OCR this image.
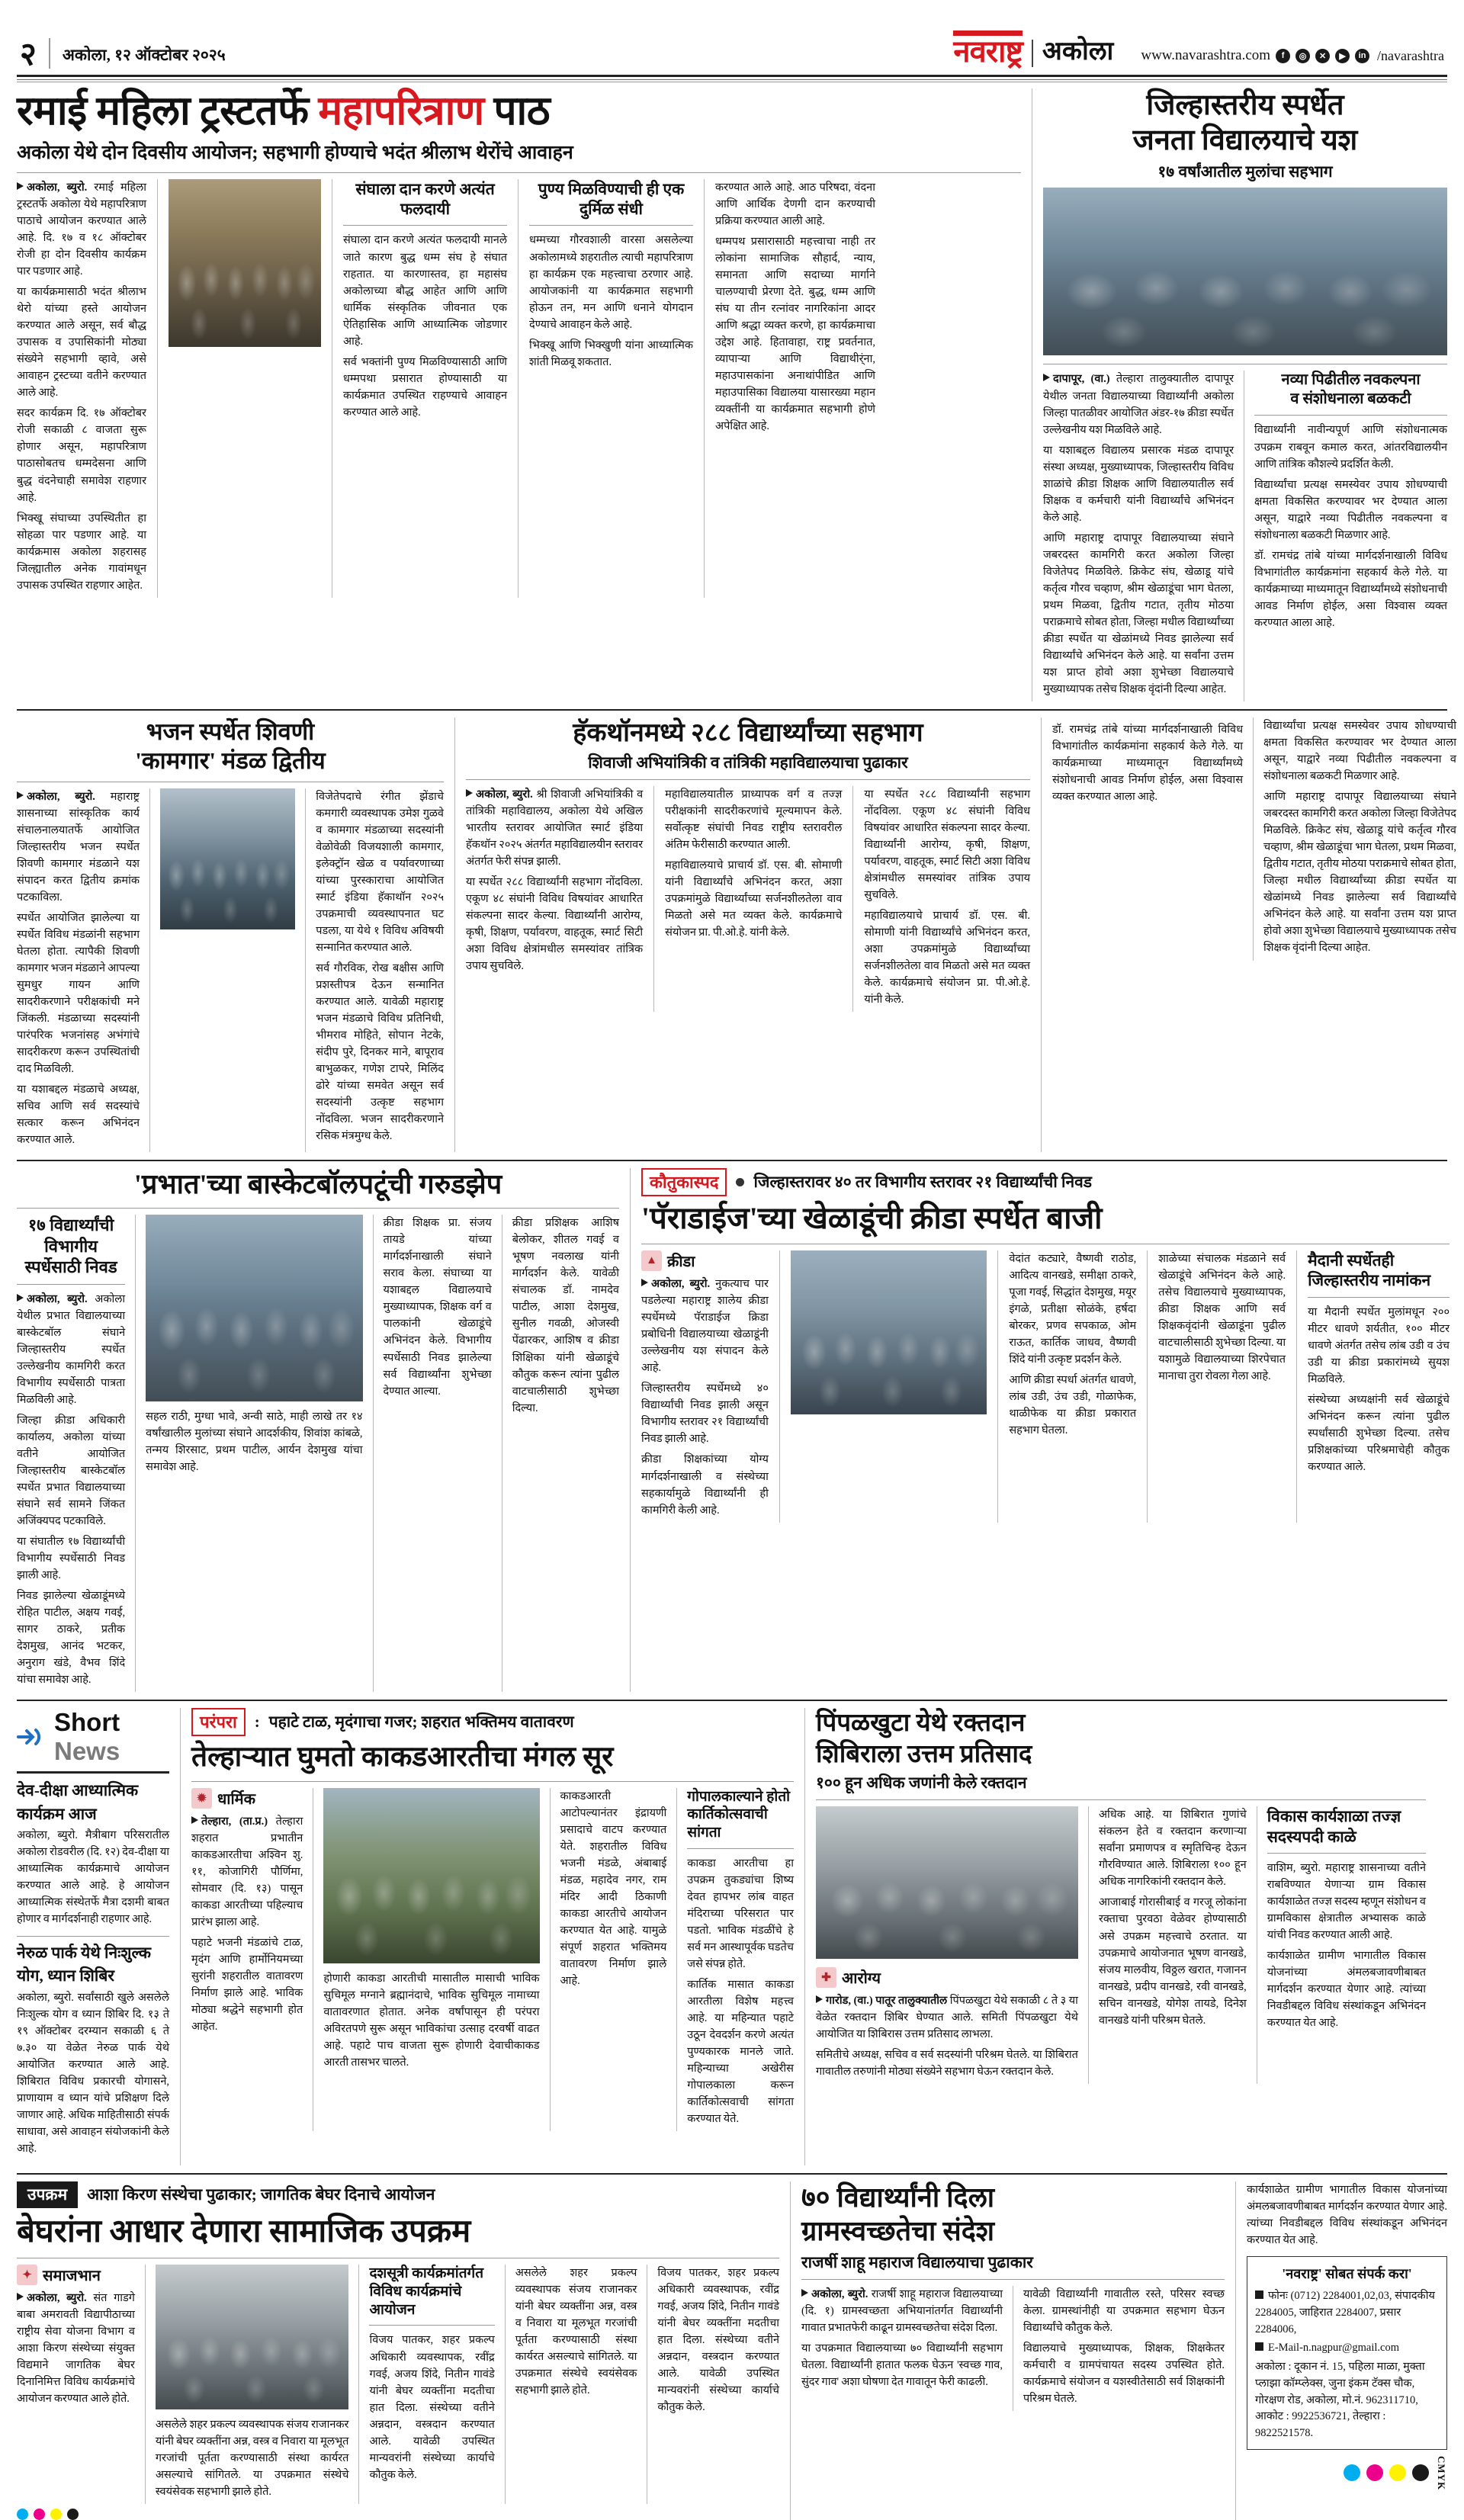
२	अकोला, १२ ऑक्टोबर २०२५	नवराष्ट्र अकोला www.navarashtra.com	f	◎	✕	▶	in /navarashtra
रमाई महिला ट्रस्टतर्फे महापरित्राण पाठ
अकोला येथे दोन दिवसीय आयोजन; सहभागी होण्याचे भदंत श्रीलाभ थेरोंचे आवाहन

अकोला, ब्युरो. रमाई महिला ट्रस्टतर्फे अकोला येथे महापरित्राण पाठाचे आयोजन करण्यात आले आहे. दि. १७ व १८ ऑक्टोबर रोजी हा दोन दिवसीय कार्यक्रम पार पडणार आहे.

या कार्यक्रमासाठी भदंत श्रीलाभ थेरो यांच्या हस्ते आयोजन करण्यात आले असून, सर्व बौद्ध उपासक व उपासिकांनी मोठ्या संख्येने सहभागी व्हावे, असे आवाहन ट्रस्टच्या वतीने करण्यात आले आहे.

सदर कार्यक्रम दि. १७ ऑक्टोबर रोजी सकाळी ८ वाजता सुरू होणार असून, महापरित्राण पाठासोबतच धम्मदेसना आणि बुद्ध वंदनेचाही समावेश राहणार आहे.

भिक्खू संघाच्या उपस्थितीत हा सोहळा पार पडणार आहे. या कार्यक्रमास अकोला शहरासह जिल्ह्यातील अनेक गावांमधून उपासक उपस्थित राहणार आहेत.

संघाला दान करणे अत्यंत फलदायी

संघाला दान करणे अत्यंत फलदायी मानले जाते कारण बुद्ध धम्म संघ हे संघात राहतात. या कारणास्तव, हा महासंघ अकोलाच्या बौद्ध आहेत आणि आणि धार्मिक संस्कृतिक जीवनात एक ऐतिहासिक आणि आध्यात्मिक जोडणार आहे.

सर्व भक्तांनी पुण्य मिळविण्यासाठी आणि धम्मपथा प्रसारात होण्यासाठी या कार्यक्रमात उपस्थित राहण्याचे आवाहन करण्यात आले आहे.

पुण्य मिळविण्याची ही एक दुर्मिळ संधी

धम्मच्या गौरवशाली वारसा असलेल्या अकोलामध्ये शहरातील त्याची महापरित्राण हा कार्यक्रम एक महत्त्वाचा ठरणार आहे. आयोजकांनी या कार्यक्रमात सहभागी होऊन तन, मन आणि धनाने योगदान देण्याचे आवाहन केले आहे.

भिक्खू आणि भिक्खुणी यांना आध्यात्मिक शांती मिळवू शकतात.

करण्यात आले आहे. आठ परिषदा, वंदना आणि आर्थिक देणगी दान करण्याची प्रक्रिया करण्यात आली आहे.

धम्मपथ प्रसारासाठी महत्त्वाचा नाही तर लोकांना सामाजिक सौहार्द, न्याय, समानता आणि सदाच्या मार्गाने चालण्याची प्रेरणा देते. बुद्ध, धम्म आणि संघ या तीन रत्नांवर नागरिकांना आदर आणि श्रद्धा व्यक्त करणे, हा कार्यक्रमाचा उद्देश आहे. हितावाहा, राष्ट्र प्रवर्तनात, व्यापाऱ्या आणि विद्याथीर्ंना, महाउपासकांना अनाथांपीडित आणि महाउपासिका विद्यालया यासारख्या महान व्यक्तींनी या कार्यक्रमात सहभागी होणे अपेक्षित आहे.

जिल्हास्तरीय स्पर्धेत
जनता विद्यालयाचे यश
१७ वर्षांआतील मुलांचा सहभाग

दापापूर, (वा.) तेल्हारा तालुक्यातील दापापूर येथील जनता विद्यालयाच्या विद्यार्थ्यांनी अकोला जिल्हा पातळीवर आयोजित अंडर-१७ क्रीडा स्पर्धेत उल्लेखनीय यश मिळविले आहे.

या यशाबद्दल विद्यालय प्रसारक मंडळ दापापूर संस्था अध्यक्ष, मुख्याध्यापक, जिल्हास्तरीय विविध शाळांचे क्रीडा शिक्षक आणि विद्यालयातील सर्व शिक्षक व कर्मचारी यांनी विद्यार्थ्यांचे अभिनंदन केले आहे.

आणि महाराष्ट्र दापापूर विद्यालयाच्या संघाने जबरदस्त कामगिरी करत अकोला जिल्हा विजेतेपद मिळविले. क्रिकेट संघ, खेळाडू यांचे कर्तृत्व गौरव चव्हाण, श्रीम खेळाडूंचा भाग घेतला, प्रथम मिळवा, द्वितीय गटात, तृतीय मोठया पराक्रमाचे सोबत होता, जिल्हा मधील विद्यार्थ्यांच्या क्रीडा स्पर्धेत या खेळांमध्ये निवड झालेल्या सर्व विद्यार्थ्यांचे अभिनंदन केले आहे. या सर्वांना उत्तम यश प्राप्त होवो अशा शुभेच्छा विद्यालयाचे मुख्याध्यापक तसेच शिक्षक वृंदांनी दिल्या आहेत.

नव्या पिढीतील नवकल्पना
व संशोधनाला बळकटी

विद्यार्थ्यांनी नावीन्यपूर्ण आणि संशोधनात्मक उपक्रम राबवून कमाल करत, आंतरविद्यालयीन आणि तांत्रिक कौशल्ये प्रदर्शित केली.

विद्यार्थ्यांचा प्रत्यक्ष समस्येवर उपाय शोधण्याची क्षमता विकसित करण्यावर भर देण्यात आला असून, याद्वारे नव्या पिढीतील नवकल्पना व संशोधनाला बळकटी मिळणार आहे.

डॉ. रामचंद्र तांबे यांच्या मार्गदर्शनाखाली विविध विभागांतील कार्यक्रमांना सहकार्य केले गेले. या कार्यक्रमाच्या माध्यमातून विद्यार्थ्यांमध्ये संशोधनाची आवड निर्माण होईल, असा विश्वास व्यक्त करण्यात आला आहे.

भजन स्पर्धेत शिवणी
'कामगार' मंडळ द्वितीय

अकोला, ब्युरो. महाराष्ट्र शासनाच्या सांस्कृतिक कार्य संचालनालयातर्फे आयोजित जिल्हास्तरीय भजन स्पर्धेत शिवणी कामगार मंडळाने यश संपादन करत द्वितीय क्रमांक पटकाविला.

स्पर्धेत आयोजित झालेल्या या स्पर्धेत विविध मंडळांनी सहभाग घेतला होता. त्यापैकी शिवणी कामगार भजन मंडळाने आपल्या सुमधुर गायन आणि सादरीकरणाने परीक्षकांची मने जिंकली. मंडळाच्या सदस्यांनी पारंपरिक भजनांसह अभंगांचे सादरीकरण करून उपस्थितांची दाद मिळविली.

या यशाबद्दल मंडळाचे अध्यक्ष, सचिव आणि सर्व सदस्यांचे सत्कार करून अभिनंदन करण्यात आले.

विजेतेपदाचे रंगीत झेंडाचे कमगारी व्यवस्थापक उमेश गुळवे व कामगार मंडळाच्या सदस्यांनी वेळोवेळी विजयशाली कामगार, इलेक्ट्रॉन खेळ व पर्यावरणाच्या यांच्या पुरस्काराचा आयोजित स्मार्ट इंडिया हॅकाथॉन २०२५ उपक्रमाची व्यवस्थापनात घट पडला, या येथे १ विविध अविषयी सन्मानित करण्यात आले.

सर्व गौरविक, रोख बक्षीस आणि प्रशस्तीपत्र देऊन सन्मानित करण्यात आले. यावेळी महाराष्ट्र भजन मंडळाचे विविध प्रतिनिधी, भीमराव मोहिते, सोपान नेटके, संदीप पुरे, दिनकर माने, बापूराव बाभुळकर, गणेश टापरे, मिलिंद ढोरे यांच्या समवेत असून सर्व सदस्यांनी उत्कृष्ट सहभाग नोंदविला. भजन सादरीकरणाने रसिक मंत्रमुग्ध केले.

हॅकथॉनमध्ये २८८ विद्यार्थ्यांच्या सहभाग
शिवाजी अभियांत्रिकी व तांत्रिकी महाविद्यालयाचा पुढाकार

अकोला, ब्युरो. श्री शिवाजी अभियांत्रिकी व तांत्रिकी महाविद्यालय, अकोला येथे अखिल भारतीय स्तरावर आयोजित स्मार्ट इंडिया हॅकथॉन २०२५ अंतर्गत महाविद्यालयीन स्तरावर अंतर्गत फेरी संपन्न झाली.

या स्पर्धेत २८८ विद्यार्थ्यांनी सहभाग नोंदविला. एकूण ४८ संघांनी विविध विषयांवर आधारित संकल्पना सादर केल्या. विद्यार्थ्यांनी आरोग्य, कृषी, शिक्षण, पर्यावरण, वाहतूक, स्मार्ट सिटी अशा विविध क्षेत्रांमधील समस्यांवर तांत्रिक उपाय सुचविले.

महाविद्यालयातील प्राध्यापक वर्ग व तज्ज्ञ परीक्षकांनी सादरीकरणांचे मूल्यमापन केले. सर्वोत्कृष्ट संघांची निवड राष्ट्रीय स्तरावरील अंतिम फेरीसाठी करण्यात आली.

महाविद्यालयाचे प्राचार्य डॉ. एस. बी. सोमाणी यांनी विद्यार्थ्यांचे अभिनंदन करत, अशा उपक्रमांमुळे विद्यार्थ्यांच्या सर्जनशीलतेला वाव मिळतो असे मत व्यक्त केले. कार्यक्रमाचे संयोजन प्रा. पी.ओ.हे. यांनी केले.

या स्पर्धेत २८८ विद्यार्थ्यांनी सहभाग नोंदविला. एकूण ४८ संघांनी विविध विषयांवर आधारित संकल्पना सादर केल्या. विद्यार्थ्यांनी आरोग्य, कृषी, शिक्षण, पर्यावरण, वाहतूक, स्मार्ट सिटी अशा विविध क्षेत्रांमधील समस्यांवर तांत्रिक उपाय सुचविले.

महाविद्यालयाचे प्राचार्य डॉ. एस. बी. सोमाणी यांनी विद्यार्थ्यांचे अभिनंदन करत, अशा उपक्रमांमुळे विद्यार्थ्यांच्या सर्जनशीलतेला वाव मिळतो असे मत व्यक्त केले. कार्यक्रमाचे संयोजन प्रा. पी.ओ.हे. यांनी केले.

डॉ. रामचंद्र तांबे यांच्या मार्गदर्शनाखाली विविध विभागांतील कार्यक्रमांना सहकार्य केले गेले. या कार्यक्रमाच्या माध्यमातून विद्यार्थ्यांमध्ये संशोधनाची आवड निर्माण होईल, असा विश्वास व्यक्त करण्यात आला आहे.

विद्यार्थ्यांचा प्रत्यक्ष समस्येवर उपाय शोधण्याची क्षमता विकसित करण्यावर भर देण्यात आला असून, याद्वारे नव्या पिढीतील नवकल्पना व संशोधनाला बळकटी मिळणार आहे.

आणि महाराष्ट्र दापापूर विद्यालयाच्या संघाने जबरदस्त कामगिरी करत अकोला जिल्हा विजेतेपद मिळविले. क्रिकेट संघ, खेळाडू यांचे कर्तृत्व गौरव चव्हाण, श्रीम खेळाडूंचा भाग घेतला, प्रथम मिळवा, द्वितीय गटात, तृतीय मोठया पराक्रमाचे सोबत होता, जिल्हा मधील विद्यार्थ्यांच्या क्रीडा स्पर्धेत या खेळांमध्ये निवड झालेल्या सर्व विद्यार्थ्यांचे अभिनंदन केले आहे. या सर्वांना उत्तम यश प्राप्त होवो अशा शुभेच्छा विद्यालयाचे मुख्याध्यापक तसेच शिक्षक वृंदांनी दिल्या आहेत.

'प्रभात'च्या बास्केटबॉलपटूंची गरुडझेप
१७ विद्यार्थ्यांची
विभागीय
स्पर्धेसाठी निवड

अकोला, ब्युरो. अकोला येथील प्रभात विद्यालयाच्या बास्केटबॉल संघाने जिल्हास्तरीय स्पर्धेत उल्लेखनीय कामगिरी करत विभागीय स्पर्धेसाठी पात्रता मिळविली आहे.

जिल्हा क्रीडा अधिकारी कार्यालय, अकोला यांच्या वतीने आयोजित जिल्हास्तरीय बास्केटबॉल स्पर्धेत प्रभात विद्यालयाच्या संघाने सर्व सामने जिंकत अजिंक्यपद पटकाविले.

या संघातील १७ विद्यार्थ्यांची विभागीय स्पर्धेसाठी निवड झाली आहे.

निवड झालेल्या खेळाडूंमध्ये रोहित पाटील, अक्षय गवई, सागर ठाकरे, प्रतीक देशमुख, आनंद भटकर, अनुराग खंडे, वैभव शिंदे यांचा समावेश आहे.

सहल राठी, मुग्धा भावे, अन्वी साठे, माही लाखे तर १४ वर्षांखालील मुलांच्या संघाने आदर्शकीय, शिवांश कांबळे, तन्मय शिरसाट, प्रथम पाटील, आर्यन देशमुख यांचा समावेश आहे.

क्रीडा शिक्षक प्रा. संजय तायडे यांच्या मार्गदर्शनाखाली संघाने सराव केला. संघाच्या या यशाबद्दल विद्यालयाचे मुख्याध्यापक, शिक्षक वर्ग व पालकांनी खेळाडूंचे अभिनंदन केले. विभागीय स्पर्धेसाठी निवड झालेल्या सर्व विद्यार्थ्यांना शुभेच्छा देण्यात आल्या.

क्रीडा प्रशिक्षक आशिष बेलोकर, शीतल गवई व भूषण नवलाख यांनी मार्गदर्शन केले. यावेळी संचालक डॉ. नामदेव पाटील, आशा देशमुख, सुनील गवळी, ओजस्वी पेंढारकर, आशिष व क्रीडा शिक्षिका यांनी खेळाडूंचे कौतुक करून त्यांना पुढील वाटचालीसाठी शुभेच्छा दिल्या.

कौतुकास्पद	जिल्हास्तरावर ४० तर विभागीय स्तरावर २१ विद्यार्थ्यांची निवड
'पॅराडाईज'च्या खेळाडूंची क्रीडा स्पर्धेत बाजी
▲ क्रीडा

अकोला, ब्युरो. नुकत्याच पार पडलेल्या महाराष्ट्र शालेय क्रीडा स्पर्धेमध्ये पॅराडाईज क्रिडा प्रबोधिनी विद्यालयाच्या खेळाडूंनी उल्लेखनीय यश संपादन केले आहे.

जिल्हास्तरीय स्पर्धेमध्ये ४० विद्यार्थ्यांची निवड झाली असून विभागीय स्तरावर २१ विद्यार्थ्यांची निवड झाली आहे.

क्रीडा शिक्षकांच्या योग्य मार्गदर्शनाखाली व संस्थेच्या सहकार्यामुळे विद्यार्थ्यांनी ही कामगिरी केली आहे.

वेदांत कट्यारे, वैष्णवी राठोड, आदित्य वानखडे, समीक्षा ठाकरे, पूजा गवई, सिद्धांत देशमुख, मयूर इंगळे, प्रतीक्षा सोळंके, हर्षदा बोरकर, प्रणव सपकाळ, ओम राऊत, कार्तिक जाधव, वैष्णवी शिंदे यांनी उत्कृष्ट प्रदर्शन केले.

आणि क्रीडा स्पर्धा अंतर्गत धावणे, लांब उडी, उंच उडी, गोळाफेक, थाळीफेक या क्रीडा प्रकारात सहभाग घेतला.

शाळेच्या संचालक मंडळाने सर्व खेळाडूंचे अभिनंदन केले आहे. तसेच विद्यालयाचे मुख्याध्यापक, क्रीडा शिक्षक आणि सर्व शिक्षकवृंदांनी खेळाडूंना पुढील वाटचालीसाठी शुभेच्छा दिल्या. या यशामुळे विद्यालयाच्या शिरपेचात मानाचा तुरा रोवला गेला आहे.

मैदानी स्पर्धेतही जिल्हास्तरीय नामांकन

या मैदानी स्पर्धेत मुलांमधून २०० मीटर धावणे शर्यतीत, १०० मीटर धावणे अंतर्गत तसेच लांब उडी व उंच उडी या क्रीडा प्रकारांमध्ये सुयश मिळविले.

संस्थेच्या अध्यक्षांनी सर्व खेळाडूंचे अभिनंदन करून त्यांना पुढील स्पर्धांसाठी शुभेच्छा दिल्या. तसेच प्रशिक्षकांच्या परिश्रमाचेही कौतुक करण्यात आले.

Short News
देव-दीक्षा आध्यात्मिक
कार्यक्रम आज
अकोला, ब्युरो. मैत्रीबाग परिसरातील अकोला रोडवरील (दि. १२) देव-दीक्षा या आध्यात्मिक कार्यक्रमाचे आयोजन करण्यात आले आहे. हे आयोजन आध्यात्मिक संस्थेतर्फे मैत्रा दशमी बाबत होणार व मार्गदर्शनाही राहणार आहे.
नेरुळ पार्क येथे निःशुल्क
योग, ध्यान शिबिर
अकोला, ब्युरो. सर्वांसाठी खुले असलेले निःशुल्क योग व ध्यान शिबिर दि. १३ ते १९ ऑक्टोबर दरम्यान सकाळी ६ ते ७.३० या वेळेत नेरुळ पार्क येथे आयोजित करण्यात आले आहे. शिबिरात विविध प्रकारची योगासने, प्राणायाम व ध्यान यांचे प्रशिक्षण दिले जाणार आहे. अधिक माहितीसाठी संपर्क साधावा, असे आवाहन संयोजकांनी केले आहे.
परंपरा	: पहाटे टाळ, मृदंगाचा गजर; शहरात भक्तिमय वातावरण
तेल्हाऱ्यात घुमतो काकडआरतीचा मंगल सूर
✹ धार्मिक

तेल्हारा, (ता.प्र.) तेल्हारा शहरात प्रभातीन काकडआरतीचा अश्विन शु. ११, कोजागिरी पौर्णिमा, सोमवार (दि. १३) पासून काकडा आरतीच्या पहिल्याच प्रारंभ झाला आहे.

पहाटे भजनी मंडळांचे टाळ, मृदंग आणि हार्मोनियमच्या सुरांनी शहरातील वातावरण निर्माण झाले आहे. भाविक मोठ्या श्रद्धेने सहभागी होत आहेत.

होणारी काकडा आरतीची मासातील मासाची भाविक सुचिमूल मग्नाने ब्रह्मानंदाचे, भाविक सुचिमूल नामाच्या वातावरणात होतात. अनेक वर्षांपासून ही परंपरा अविरतपणे सुरू असून भाविकांचा उत्साह दरवर्षी वाढत आहे. पहाटे पाच वाजता सुरू होणारी देवाचीकाकड आरती तासभर चालते.

काकडआरती आटोपल्यानंतर इंद्रायणी प्रसादाचे वाटप करण्यात येते. शहरातील विविध भजनी मंडळे, अंबाबाई मंडळ, महादेव नगर, राम मंदिर आदी ठिकाणी काकडा आरतीचे आयोजन करण्यात येत आहे. यामुळे संपूर्ण शहरात भक्तिमय वातावरण निर्माण झाले आहे.

गोपालकाल्याने होतो कार्तिकोत्सवाची सांगता

काकडा आरतीचा हा उपक्रम तुकड्यांचा शिष्य देवत हापभर लांब वाहत मंदिराच्या परिसरात पार पडतो. भाविक मंडळींचे हे सर्व मन आस्थापूर्वक घडतेच जसे संपन्न होते.

कार्तिक मासात काकडा आरतीला विशेष महत्त्व आहे. या महिन्यात पहाटे उठून देवदर्शन करणे अत्यंत पुण्यकारक मानले जाते. महिन्याच्या अखेरीस गोपालकाला करून कार्तिकोत्सवाची सांगता करण्यात येते.

पिंपळखुटा येथे रक्तदान
शिबिराला उत्तम प्रतिसाद
१०० हून अधिक जणांनी केले रक्तदान
✚ आरोग्य

गारोड, (वा.) पातूर तालुक्यातील पिंपळखुटा येथे सकाळी ८ ते ३ या वेळेत रक्तदान शिबिर घेण्यात आले. समिती पिंपळखुटा येथे आयोजित या शिबिरास उत्तम प्रतिसाद लाभला.

समितीचे अध्यक्ष, सचिव व सर्व सदस्यांनी परिश्रम घेतले. या शिबिरात गावातील तरुणांनी मोठ्या संख्येने सहभाग घेऊन रक्तदान केले.

अधिक आहे. या शिबिरात गुणांचे संकलन हेते व रक्तदान करणाऱ्या सर्वांना प्रमाणपत्र व स्मृतिचिन्ह देऊन गौरविण्यात आले. शिबिराला १०० हून अधिक नागरिकांनी रक्तदान केले.

आजाबाई गोरासीबाई व गरजू लोकांना रक्ताचा पुरवठा वेळेवर होण्यासाठी असे उपक्रम महत्त्वाचे ठरतात. या उपक्रमाचे आयोजनात भूषण वानखडे, संजय मालवीय, विठ्ठल खरात, गजानन वानखडे, प्रदीप वानखडे, रवी वानखडे, सचिन वानखडे, योगेश तायडे, दिनेश वानखडे यांनी परिश्रम घेतले.

विकास कार्यशाळा तज्ज्ञ सदस्यपदी काळे

वाशिम, ब्युरो. महाराष्ट्र शासनाच्या वतीने राबविण्यात येणाऱ्या ग्राम विकास कार्यशाळेत तज्ज्ञ सदस्य म्हणून संशोधन व ग्रामविकास क्षेत्रातील अभ्यासक काळे यांची निवड करण्यात आली आहे.

कार्यशाळेत ग्रामीण भागातील विकास योजनांच्या अंमलबजावणीबाबत मार्गदर्शन करण्यात येणार आहे. त्यांच्या निवडीबद्दल विविध संस्थांकडून अभिनंदन करण्यात येत आहे.

उपक्रम	आशा किरण संस्थेचा पुढाकार; जागतिक बेघर दिनाचे आयोजन
बेघरांना आधार देणारा सामाजिक उपक्रम
✦ समाजभान

अकोला, ब्युरो. संत गाडगे बाबा अमरावती विद्यापीठाच्या राष्ट्रीय सेवा योजना विभाग व आशा किरण संस्थेच्या संयुक्त विद्यमाने जागतिक बेघर दिनानिमित्त विविध कार्यक्रमांचे आयोजन करण्यात आले होते.

असलेले शहर प्रकल्प व्यवस्थापक संजय राजानकर यांनी बेघर व्यक्तींना अन्न, वस्त्र व निवारा या मूलभूत गरजांची पूर्तता करण्यासाठी संस्था कार्यरत असल्याचे सांगितले. या उपक्रमात संस्थेचे स्वयंसेवक सहभागी झाले होते.

दशसूत्री कार्यक्रमांतर्गत विविध कार्यक्रमांचे आयोजन

विजय पातकर, शहर प्रकल्प अधिकारी व्यवस्थापक, रवींद्र गवई, अजय शिंदे, नितीन गावंडे यांनी बेघर व्यक्तींना मदतीचा हात दिला. संस्थेच्या वतीने अन्नदान, वस्त्रदान करण्यात आले. यावेळी उपस्थित मान्यवरांनी संस्थेच्या कार्याचे कौतुक केले.

असलेले शहर प्रकल्प व्यवस्थापक संजय राजानकर यांनी बेघर व्यक्तींना अन्न, वस्त्र व निवारा या मूलभूत गरजांची पूर्तता करण्यासाठी संस्था कार्यरत असल्याचे सांगितले. या उपक्रमात संस्थेचे स्वयंसेवक सहभागी झाले होते.

विजय पातकर, शहर प्रकल्प अधिकारी व्यवस्थापक, रवींद्र गवई, अजय शिंदे, नितीन गावंडे यांनी बेघर व्यक्तींना मदतीचा हात दिला. संस्थेच्या वतीने अन्नदान, वस्त्रदान करण्यात आले. यावेळी उपस्थित मान्यवरांनी संस्थेच्या कार्याचे कौतुक केले.

७० विद्यार्थ्यांनी दिला
ग्रामस्वच्छतेचा संदेश
राजर्षी शाहू महाराज विद्यालयाचा पुढाकार

अकोला, ब्युरो. राजर्षी शाहू महाराज विद्यालयाच्या (दि. १) ग्रामस्वच्छता अभियानांतर्गत विद्यार्थ्यांनी गावात प्रभातफेरी काढून ग्रामस्वच्छतेचा संदेश दिला.

या उपक्रमात विद्यालयाच्या ७० विद्यार्थ्यांनी सहभाग घेतला. विद्यार्थ्यांनी हातात फलक घेऊन 'स्वच्छ गाव, सुंदर गाव' अशा घोषणा देत गावातून फेरी काढली.

यावेळी विद्यार्थ्यांनी गावातील रस्ते, परिसर स्वच्छ केला. ग्रामस्थांनीही या उपक्रमात सहभाग घेऊन विद्यार्थ्यांचे कौतुक केले.

विद्यालयाचे मुख्याध्यापक, शिक्षक, शिक्षकेतर कर्मचारी व ग्रामपंचायत सदस्य उपस्थित होते. कार्यक्रमाचे संयोजन व यशस्वीतेसाठी सर्व शिक्षकांनी परिश्रम घेतले.

कार्यशाळेत ग्रामीण भागातील विकास योजनांच्या अंमलबजावणीबाबत मार्गदर्शन करण्यात येणार आहे. त्यांच्या निवडीबद्दल विविध संस्थांकडून अभिनंदन करण्यात येत आहे.

'नवराष्ट्र' सोबत संपर्क करा'
फोनः (0712) 2284001,02,03, संपादकीय 2284005, जाहिरात 2284007, प्रसार 2284006,
E-Mail-n.nagpur@gmail.com
अकोला : दूकान नं. 15, पहिला माळा, मुक्ता प्लाझा कॉम्प्लेक्स, जुना इंकम टॅक्स चौक, गोरक्षण रोड, अकोला, मो.नं. 962311710, आकोट : 9922536721, तेल्हारा : 9822521578.
CMYK
